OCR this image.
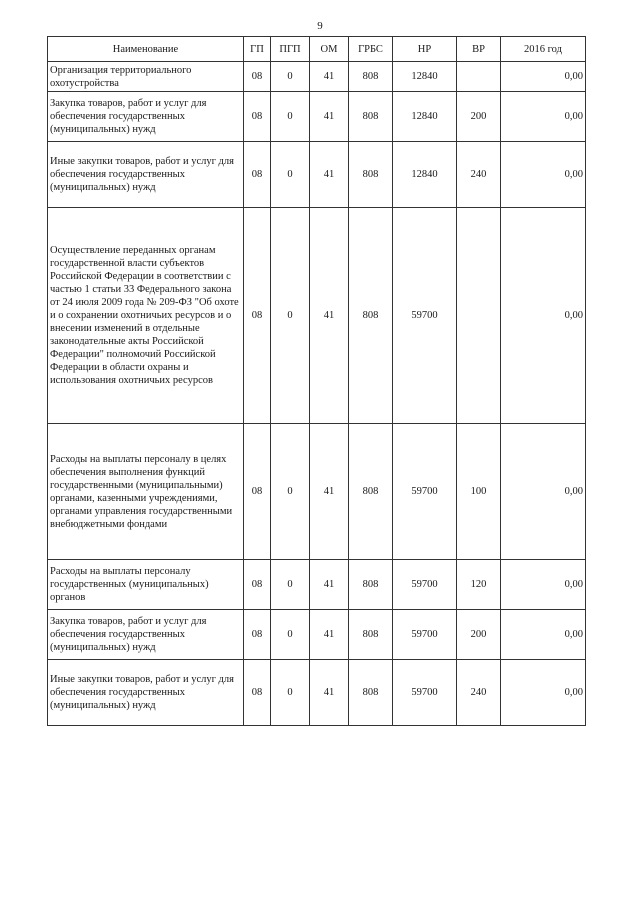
9
Наименование	ГП	ПГП	ОМ	ГРБС	НР	ВР	2016 год
Организация территориального охотустройства	08	0	41	808	12840		0,00
Закупка товаров, работ и услуг для обеспечения государственных (муниципальных) нужд	08	0	41	808	12840	200	0,00
Иные закупки товаров, работ и услуг для обеспечения государственных (муниципальных) нужд	08	0	41	808	12840	240	0,00
Осуществление переданных органам государственной власти субъектов Российской Федерации в соответствии с частью 1 статьи 33 Федерального закона от 24 июля 2009 года № 209-ФЗ "Об охоте и о сохранении охотничьих ресурсов и о внесении изменений в отдельные законодательные акты Российской Федерации" полномочий Российской Федерации в области охраны и использования охотничьих ресурсов	08	0	41	808	59700		0,00
Расходы на выплаты персоналу в целях обеспечения выполнения функций государственными (муниципальными) органами, казенными учреждениями, органами управления государственными внебюджетными фондами	08	0	41	808	59700	100	0,00
Расходы на выплаты персоналу государственных (муниципальных) органов	08	0	41	808	59700	120	0,00
Закупка товаров, работ и услуг для обеспечения государственных (муниципальных) нужд	08	0	41	808	59700	200	0,00
Иные закупки товаров, работ и услуг для обеспечения государственных (муниципальных) нужд	08	0	41	808	59700	240	0,00
